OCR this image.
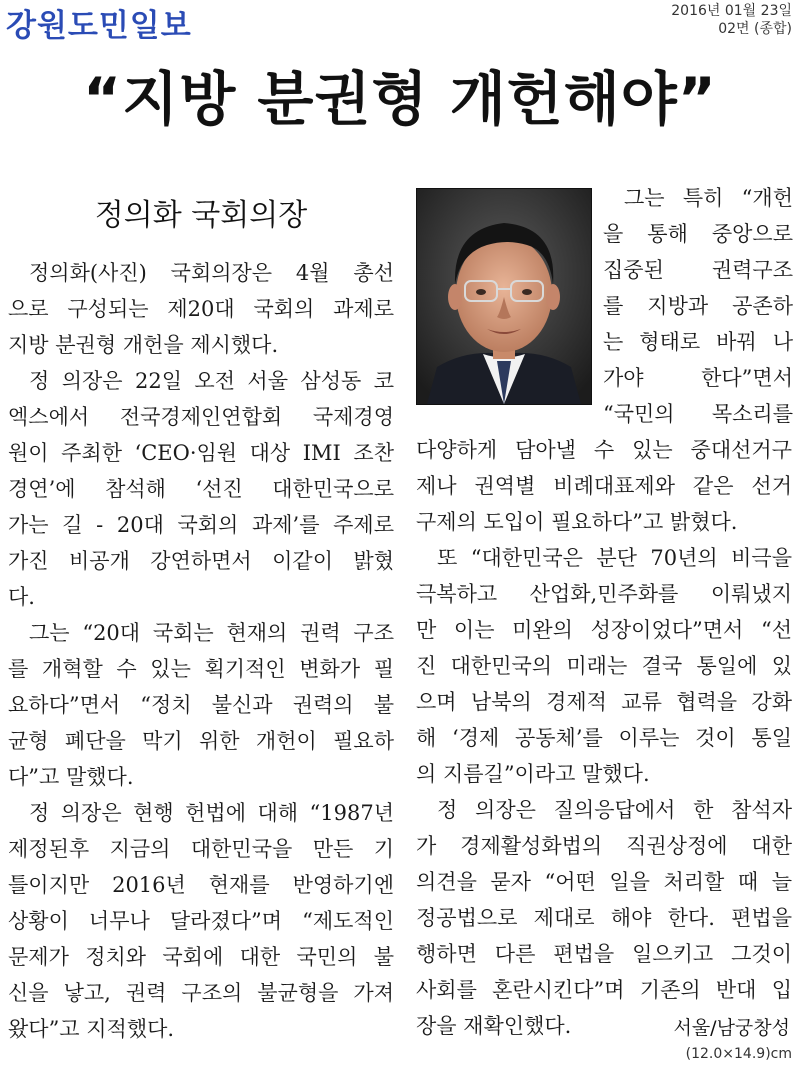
강원도민일보	2016년 01월 23일
02면 (종합)
“지방 분권형 개헌해야”
정의화 국회의장
정의화(사진) 국회의장은 4월 총선
으로 구성되는 제20대 국회의 과제로
지방 분권형 개헌을 제시했다.
정 의장은 22일 오전 서울 삼성동 코
엑스에서 전국경제인연합회 국제경영
원이 주최한 ‘CEO·임원 대상 IMI 조찬
경연’에 참석해 ‘선진 대한민국으로
가는 길 - 20대 국회의 과제’를 주제로
가진 비공개 강연하면서 이같이 밝혔
다.
그는 “20대 국회는 현재의 권력 구조
를 개혁할 수 있는 획기적인 변화가 필
요하다”면서 “정치 불신과 권력의 불
균형 폐단을 막기 위한 개헌이 필요하
다”고 말했다.
정 의장은 현행 헌법에 대해 “1987년
제정된후 지금의 대한민국을 만든 기
틀이지만 2016년 현재를 반영하기엔
상황이 너무나 달라졌다”며 “제도적인
문제가 정치와 국회에 대한 국민의 불
신을 낳고, 권력 구조의 불균형을 가져
왔다”고 지적했다.
그는 특히 “개헌
을 통해 중앙으로
집중된 권력구조
를 지방과 공존하
는 형태로 바꿔 나
가야 한다”면서
“국민의 목소리를
다양하게 담아낼 수 있는 중대선거구
제나 권역별 비례대표제와 같은 선거
구제의 도입이 필요하다”고 밝혔다.
또 “대한민국은 분단 70년의 비극을
극복하고 산업화,민주화를 이뤄냈지
만 이는 미완의 성장이었다”면서 “선
진 대한민국의 미래는 결국 통일에 있
으며 남북의 경제적 교류 협력을 강화
해 ‘경제 공동체’를 이루는 것이 통일
의 지름길”이라고 말했다.
정 의장은 질의응답에서 한 참석자
가 경제활성화법의 직권상정에 대한
의견을 묻자 “어떤 일을 처리할 때 늘
정공법으로 제대로 해야 한다. 편법을
행하면 다른 편법을 일으키고 그것이
사회를 혼란시킨다”며 기존의 반대 입
장을 재확인했다.	서울/남궁창성
(12.0×14.9)cm
